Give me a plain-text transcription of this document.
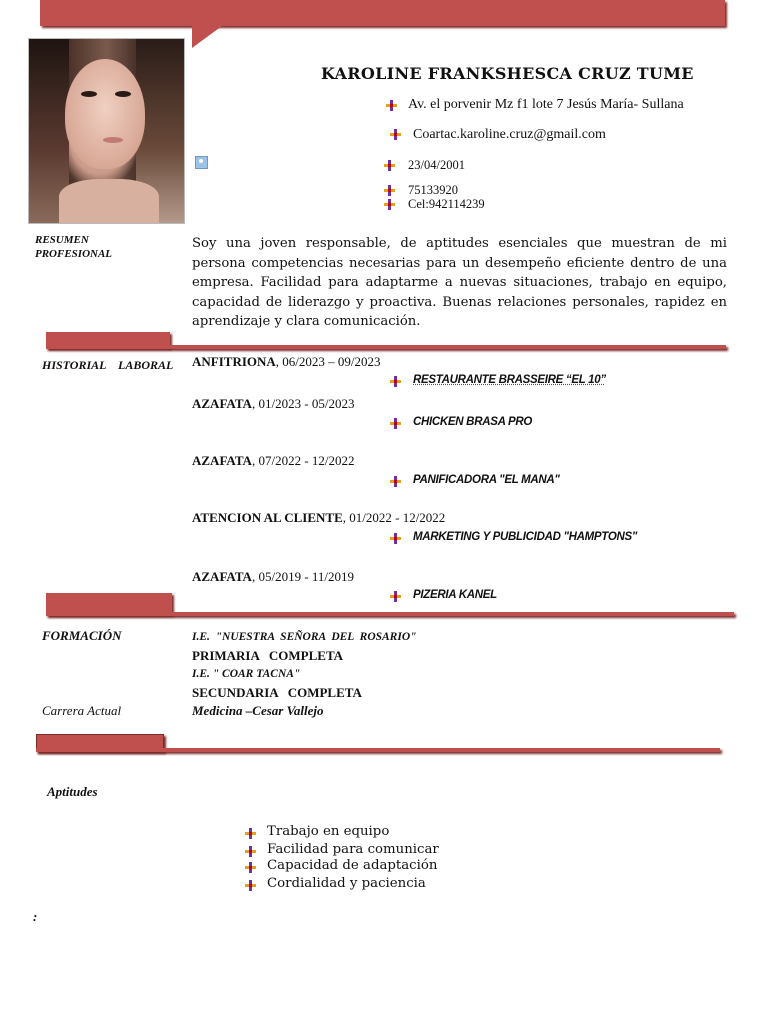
KAROLINE FRANKSHESCA CRUZ TUME
Av. el porvenir Mz f1 lote 7 Jesús María- Sullana
Coartac.karoline.cruz@gmail.com
23/04/2001
75133920
Cel:942114239
RESUMEN
PROFESIONAL
Soy una joven responsable, de aptitudes esenciales que muestran de mi persona competencias necesarias para un desempeño eficiente dentro de una empresa. Facilidad para adaptarme a nuevas situaciones, trabajo en equipo, capacidad de liderazgo y proactiva. Buenas relaciones personales, rapidez en aprendizaje y clara comunicación.
HISTORIAL    LABORAL ANFITRIONA, 06/2023 – 09/2023
RESTAURANTE BRASSEIRE “EL 10”
AZAFATA, 01/2023 - 05/2023
CHICKEN BRASA PRO
AZAFATA, 07/2022 - 12/2022
PANIFICADORA "EL MANA"
ATENCION AL CLIENTE, 01/2022 - 12/2022
MARKETING Y PUBLICIDAD "HAMPTONS"
AZAFATA, 05/2019 - 11/2019
PIZERIA KANEL
FORMACIÓN	I.E.  "NUESTRA  SEÑORA  DEL  ROSARIO"
PRIMARIA   COMPLETA
I.E. " COAR TACNA"
SECUNDARIA   COMPLETA
Carrera Actual	Medicina –Cesar Vallejo
Aptitudes
Trabajo en equipo
Facilidad para comunicar
Capacidad de adaptación
Cordialidad y paciencia
:
